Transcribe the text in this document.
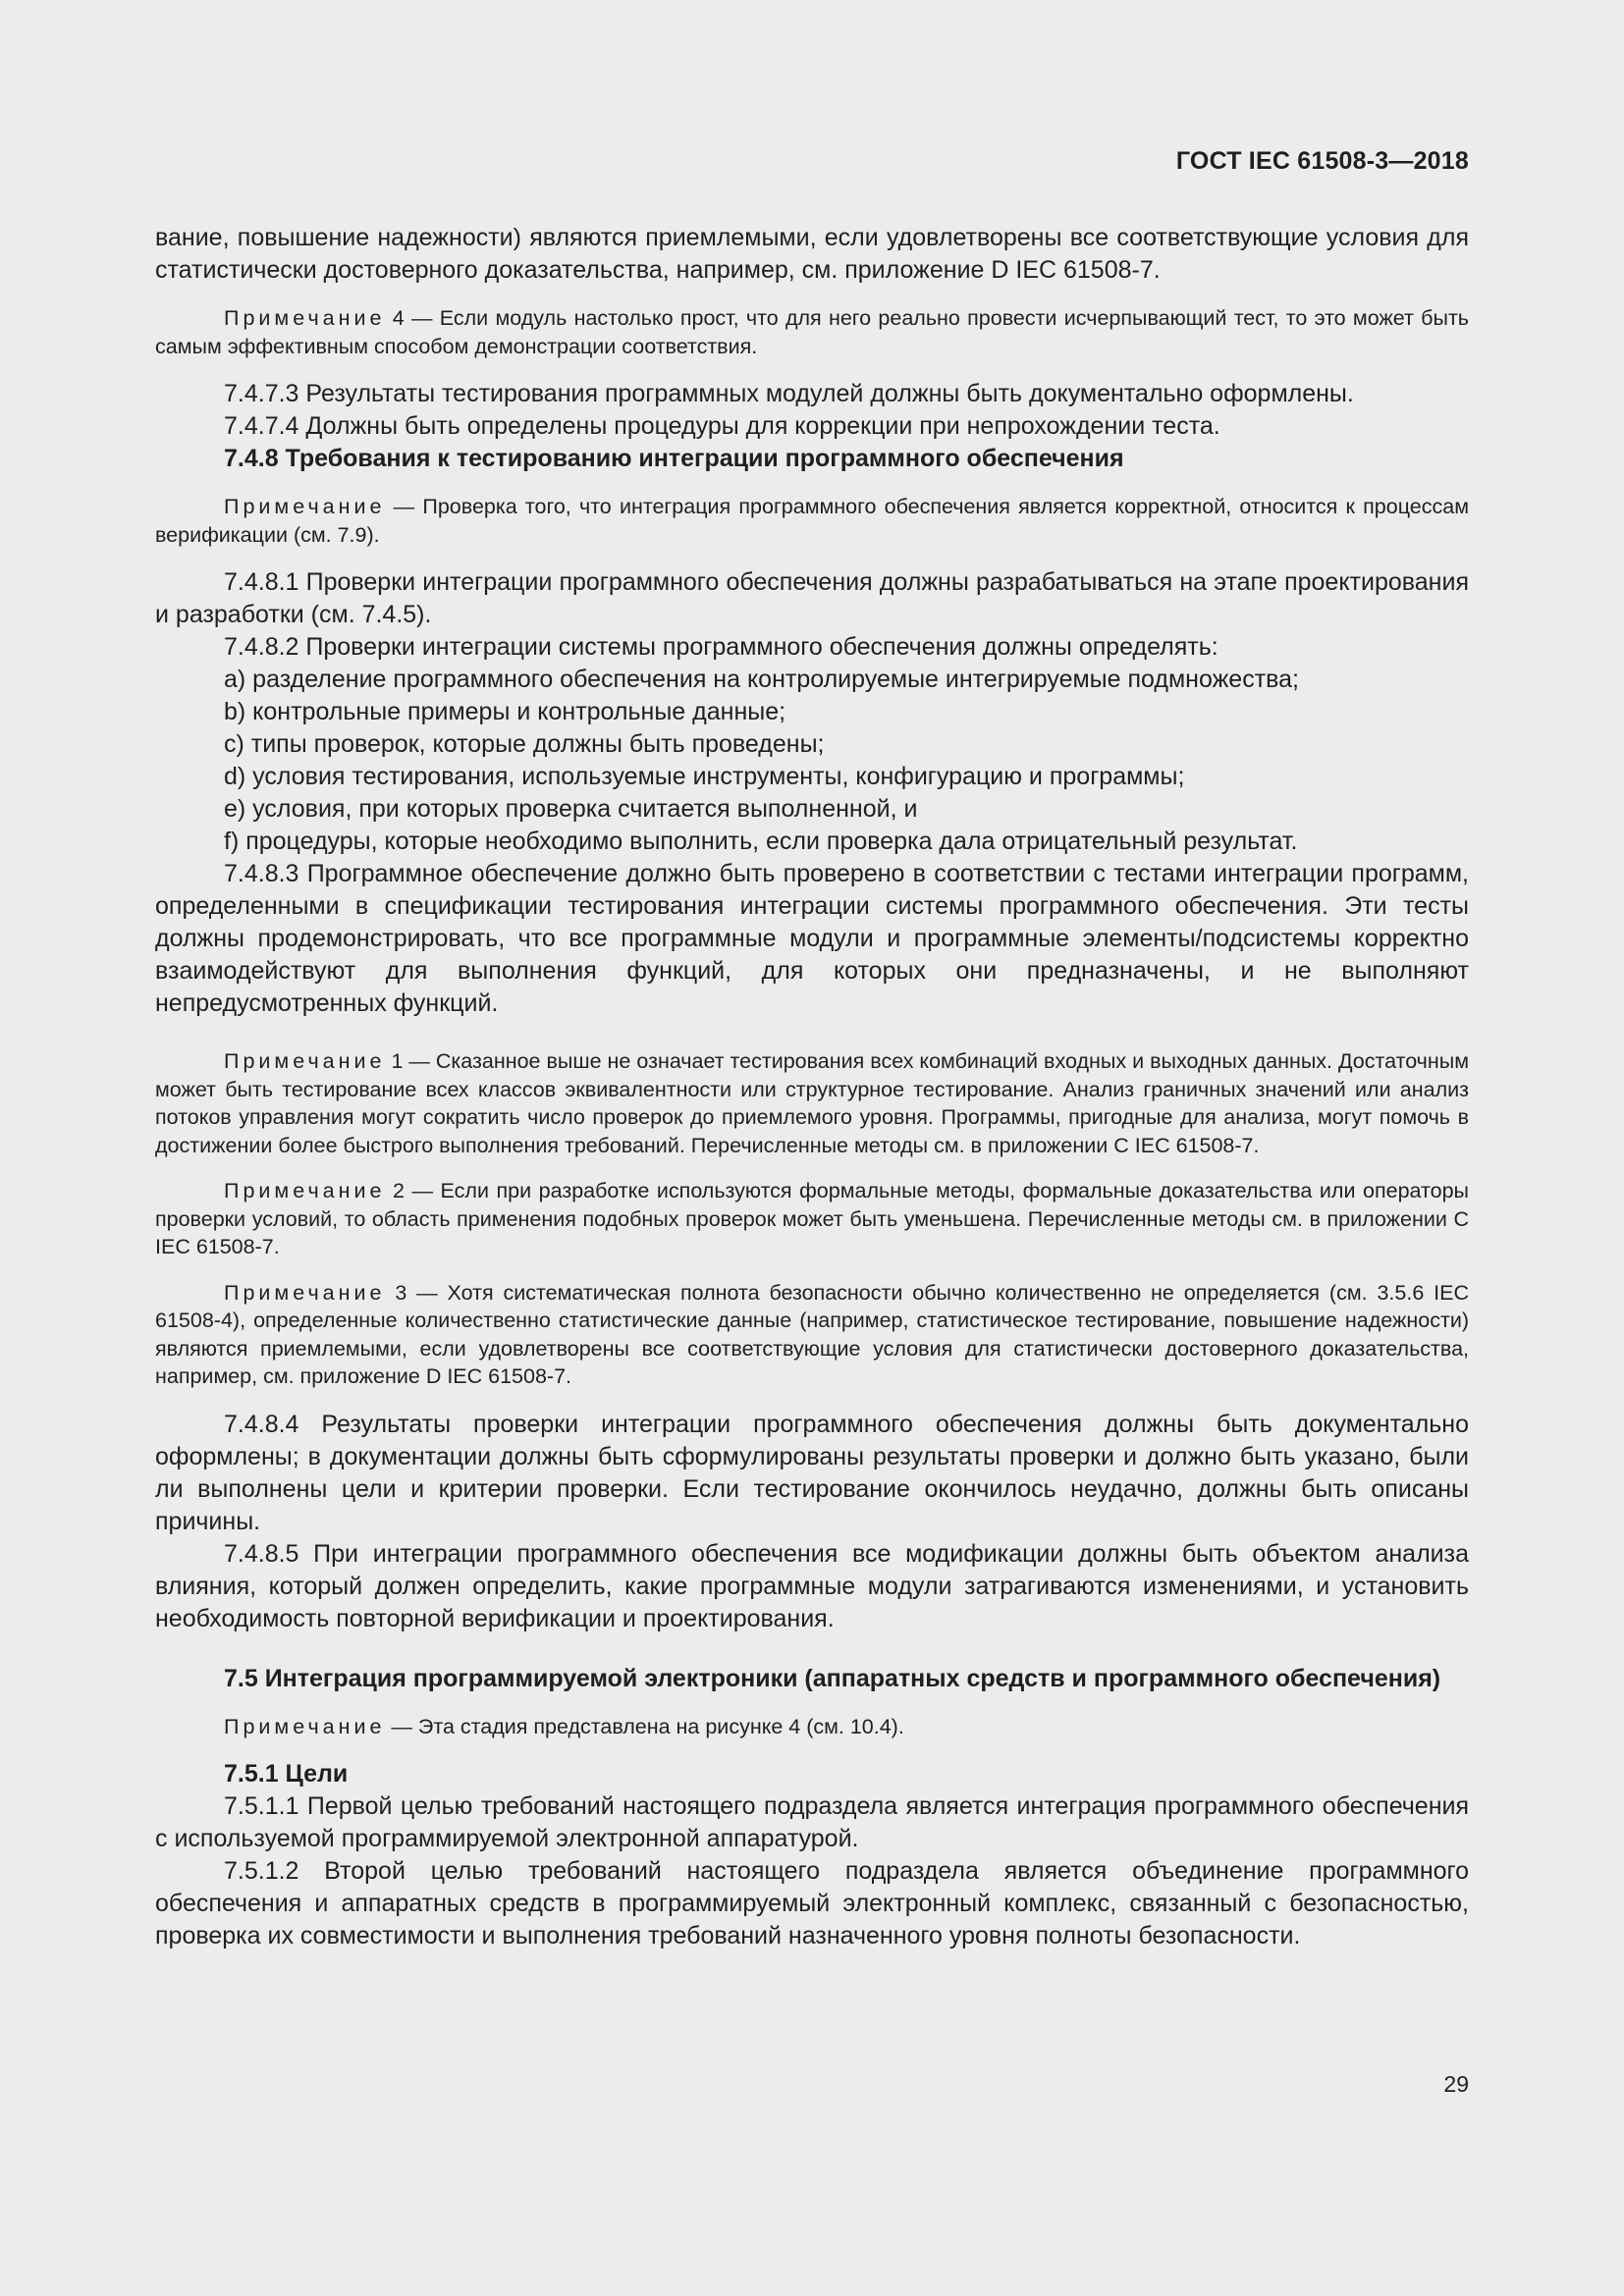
ГОСТ IEC 61508-3—2018

вание, повышение надежности) являются приемлемыми, если удовлетворены все соответствующие условия для статистически достоверного доказательства, например, см. приложение D IEC 61508-7.

Примечание 4 — Если модуль настолько прост, что для него реально провести исчерпывающий тест, то это может быть самым эффективным способом демонстрации соответствия.

7.4.7.3 Результаты тестирования программных модулей должны быть документально оформлены.

7.4.7.4 Должны быть определены процедуры для коррекции при непрохождении теста.

7.4.8 Требования к тестированию интеграции программного обеспечения

Примечание — Проверка того, что интеграция программного обеспечения является корректной, относится к процессам верификации (см. 7.9).

7.4.8.1 Проверки интеграции программного обеспечения должны разрабатываться на этапе проектирования и разработки (см. 7.4.5).

7.4.8.2 Проверки интеграции системы программного обеспечения должны определять:

a) разделение программного обеспечения на контролируемые интегрируемые подмножества;

b) контрольные примеры и контрольные данные;

c) типы проверок, которые должны быть проведены;

d) условия тестирования, используемые инструменты, конфигурацию и программы;

e) условия, при которых проверка считается выполненной, и

f) процедуры, которые необходимо выполнить, если проверка дала отрицательный результат.

7.4.8.3 Программное обеспечение должно быть проверено в соответствии с тестами интеграции программ, определенными в спецификации тестирования интеграции системы программного обеспечения. Эти тесты должны продемонстрировать, что все программные модули и программные элементы/подсистемы корректно взаимодействуют для выполнения функций, для которых они предназначены, и не выполняют непредусмотренных функций.

Примечание 1 — Сказанное выше не означает тестирования всех комбинаций входных и выходных данных. Достаточным может быть тестирование всех классов эквивалентности или структурное тестирование. Анализ граничных значений или анализ потоков управления могут сократить число проверок до приемлемого уровня. Программы, пригодные для анализа, могут помочь в достижении более быстрого выполнения требований. Перечисленные методы см. в приложении С IEC 61508-7.

Примечание 2 — Если при разработке используются формальные методы, формальные доказательства или операторы проверки условий, то область применения подобных проверок может быть уменьшена. Перечисленные методы см. в приложении С IEC 61508-7.

Примечание 3 — Хотя систематическая полнота безопасности обычно количественно не определяется (см. 3.5.6 IEC 61508-4), определенные количественно статистические данные (например, статистическое тестирование, повышение надежности) являются приемлемыми, если удовлетворены все соответствующие условия для статистически достоверного доказательства, например, см. приложение D IEC 61508-7.

7.4.8.4 Результаты проверки интеграции программного обеспечения должны быть документально оформлены; в документации должны быть сформулированы результаты проверки и должно быть указано, были ли выполнены цели и критерии проверки. Если тестирование окончилось неудачно, должны быть описаны причины.

7.4.8.5 При интеграции программного обеспечения все модификации должны быть объектом анализа влияния, который должен определить, какие программные модули затрагиваются изменениями, и установить необходимость повторной верификации и проектирования.

7.5 Интеграция программируемой электроники (аппаратных средств и программного обеспечения)

Примечание — Эта стадия представлена на рисунке 4 (см. 10.4).

7.5.1 Цели

7.5.1.1 Первой целью требований настоящего подраздела является интеграция программного обеспечения с используемой программируемой электронной аппаратурой.

7.5.1.2 Второй целью требований настоящего подраздела является объединение программного обеспечения и аппаратных средств в программируемый электронный комплекс, связанный с безопасностью, проверка их совместимости и выполнения требований назначенного уровня полноты безопасности.

29
